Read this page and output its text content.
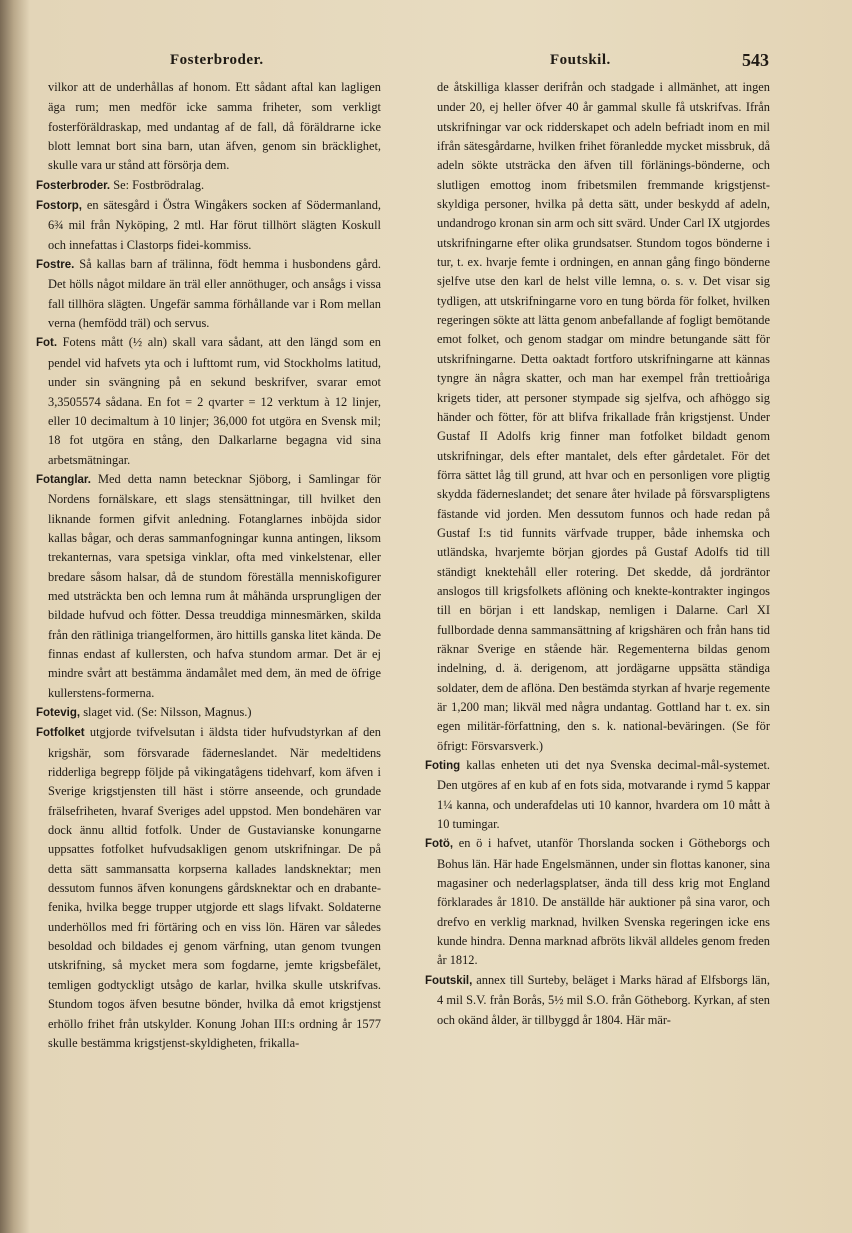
Fosterbroder.	Foutskil.	543

vilkor att de underhållas af honom. Ett sådant aftal kan lagligen äga rum; men medför icke samma friheter, som verkligt fosterföräldraskap, med undantag af de fall, då föräldrarne icke blott lemnat bort sina barn, utan äfven, genom sin bräcklighet, skulle vara ur stånd att försörja dem.

Fosterbroder. Se: Fostbrödralag.

Fostorp, en sätesgård i Östra Wingåkers socken af Södermanland, 6¾ mil från Nyköping, 2 mtl. Har förut tillhört slägten Koskull och innefattas i Clastorps fidei-kommiss.

Fostre. Så kallas barn af trälinna, födt hemma i husbondens gård. Det hölls något mildare än träl eller annöthuger, och ansågs i vissa fall tillhöra slägten. Ungefär samma förhållande var i Rom mellan verna (hemfödd träl) och servus.

Fot. Fotens mått (½ aln) skall vara sådant, att den längd som en pendel vid hafvets yta och i lufttomt rum, vid Stockholms latitud, under sin svängning på en sekund beskrifver, svarar emot 3,3505574 sådana. En fot = 2 qvarter = 12 verktum à 12 linjer, eller 10 decimaltum à 10 linjer; 36,000 fot utgöra en Svensk mil; 18 fot utgöra en stång, den Dalkarlarne begagna vid sina arbetsmätningar.

Fotanglar. Med detta namn betecknar Sjöborg, i Samlingar för Nordens fornälskare, ett slags stensättningar, till hvilket den liknande formen gifvit anledning. Fotanglarnes inböjda sidor kallas bågar, och deras sammanfogningar kunna antingen, liksom trekanternas, vara spetsiga vinklar, ofta med vinkelstenar, eller bredare såsom halsar, då de stundom föreställa menniskofigurer med utsträckta ben och lemna rum åt måhända ursprungligen der bildade hufvud och fötter. Dessa treuddiga minnesmärken, skilda från den rätliniga triangelformen, äro hittills ganska litet kända. De finnas endast af kullersten, och hafva stundom armar. Det är ej mindre svårt att bestämma ändamålet med dem, än med de öfrige kullerstens-formerna.

Fotevig, slaget vid. (Se: Nilsson, Magnus.)

Fotfolket utgjorde tvifvelsutan i äldsta tider hufvudstyrkan af den krigshär, som försvarade fäderneslandet. När medeltidens ridderliga begrepp följde på vikingatågens tidehvarf, kom äfven i Sverige krigstjensten till häst i större anseende, och grundade frälsefriheten, hvaraf Sveriges adel uppstod. Men bondehären var dock ännu alltid fotfolk. Under de Gustavianske konungarne uppsattes fotfolket hufvudsakligen genom utskrifningar. De på detta sätt sammansatta korpserna kallades landsknektar; men dessutom funnos äfven konungens gårdsknektar och en drabante-fenika, hvilka begge trupper utgjorde ett slags lifvakt. Soldaterne underhöllos med fri förtäring och en viss lön. Hären var således besoldad och bildades ej genom värfning, utan genom tvungen utskrifning, så mycket mera som fogdarne, jemte krigsbefälet, temligen godtyckligt utsågo de karlar, hvilka skulle utskrifvas. Stundom togos äfven besutne bönder, hvilka då emot krigstjenst erhöllo frihet från utskylder. Konung Johan III:s ordning år 1577 skulle bestämma krigstjenst-skyldigheten, frikalla-

de åtskilliga klasser derifrån och stadgade i allmänhet, att ingen under 20, ej heller öfver 40 år gammal skulle få utskrifvas. Ifrån utskrifningar var ock ridderskapet och adeln befriadt inom en mil ifrån sätesgårdarne, hvilken frihet föranledde mycket missbruk, då adeln sökte utsträcka den äfven till förlänings-bönderne, och slutligen emottog inom fribetsmilen fremmande krigstjenst-skyldiga personer, hvilka på detta sätt, under beskydd af adeln, undandrogo kronan sin arm och sitt svärd. Under Carl IX utgjordes utskrifningarne efter olika grundsatser. Stundom togos bönderne i tur, t. ex. hvarje femte i ordningen, en annan gång fingo bönderne sjelfve utse den karl de helst ville lemna, o. s. v. Det visar sig tydligen, att utskrifningarne voro en tung börda för folket, hvilken regeringen sökte att lätta genom anbefallande af fogligt bemötande emot folket, och genom stadgar om mindre betungande sätt för utskrifningarne. Detta oaktadt fortforo utskrifningarne att kännas tyngre än några skatter, och man har exempel från trettioåriga krigets tider, att personer stympade sig sjelfva, och afhöggo sig händer och fötter, för att blifva frikallade från krigstjenst. Under Gustaf II Adolfs krig finner man fotfolket bildadt genom utskrifningar, dels efter mantalet, dels efter gårdetalet. För det förra sättet låg till grund, att hvar och en personligen vore pligtig skydda fäderneslandet; det senare åter hvilade på försvarspligtens fästande vid jorden. Men dessutom funnos och hade redan på Gustaf I:s tid funnits värfvade trupper, både inhemska och utländska, hvarjemte början gjordes på Gustaf Adolfs tid till ständigt knektehåll eller rotering. Det skedde, då jordräntor anslogos till krigsfolkets aflöning och knekte-kontrakter ingingos till en början i ett landskap, nemligen i Dalarne. Carl XI fullbordade denna sammansättning af krigshären och från hans tid räknar Sverige en stående här. Regementerna bildas genom indelning, d. ä. derigenom, att jordägarne uppsätta ständiga soldater, dem de aflöna. Den bestämda styrkan af hvarje regemente är 1,200 man; likväl med några undantag. Gottland har t. ex. sin egen militär-författning, den s. k. national-beväringen. (Se för öfrigt: Försvarsverk.)

Foting kallas enheten uti det nya Svenska decimal-mål-systemet. Den utgöres af en kub af en fots sida, motvarande i rymd 5 kappar 1¼ kanna, och underafdelas uti 10 kannor, hvardera om 10 mått à 10 tumingar.

Fotö, en ö i hafvet, utanför Thorslanda socken i Götheborgs och Bohus län. Här hade Engelsmännen, under sin flottas kanoner, sina magasiner och nederlagsplatser, ända till dess krig mot England förklarades år 1810. De anställde här auktioner på sina varor, och drefvo en verklig marknad, hvilken Svenska regeringen icke ens kunde hindra. Denna marknad afbröts likväl alldeles genom freden år 1812.

Foutskil, annex till Surteby, beläget i Marks härad af Elfsborgs län, 4 mil S.V. från Borås, 5½ mil S.O. från Götheborg. Kyrkan, af sten och okänd ålder, är tillbyggd år 1804. Här mär-
